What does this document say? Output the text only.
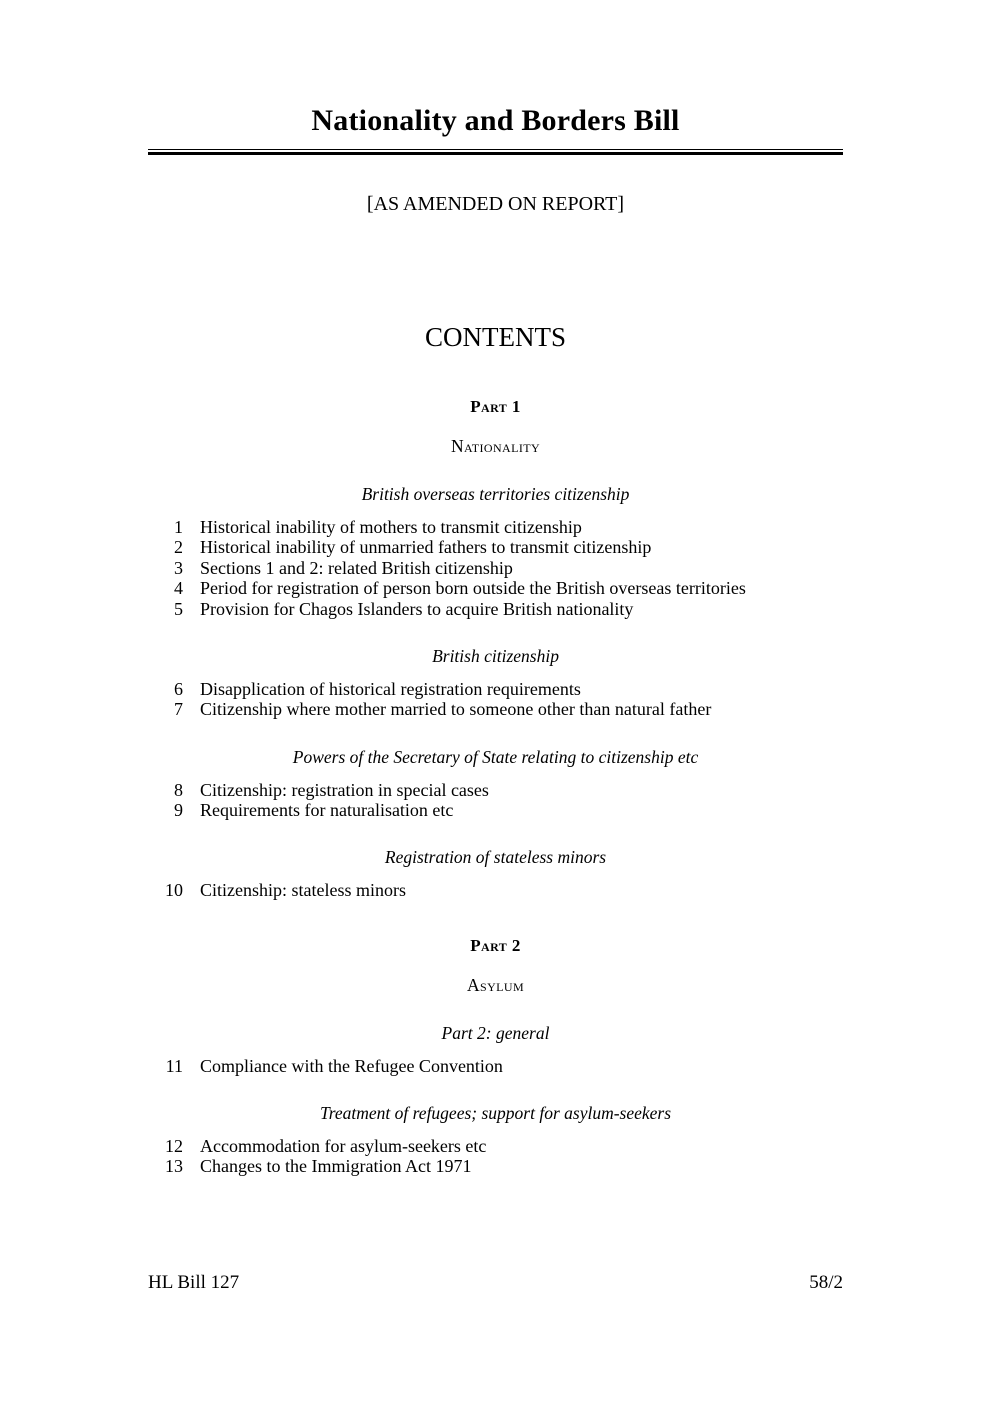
Nationality and Borders Bill
[AS AMENDED ON REPORT]
CONTENTS
Part 1
Nationality
British overseas territories citizenship
1 Historical inability of mothers to transmit citizenship
2 Historical inability of unmarried fathers to transmit citizenship
3 Sections 1 and 2: related British citizenship
4 Period for registration of person born outside the British overseas territories
5 Provision for Chagos Islanders to acquire British nationality
British citizenship
6 Disapplication of historical registration requirements
7 Citizenship where mother married to someone other than natural father
Powers of the Secretary of State relating to citizenship etc
8 Citizenship: registration in special cases
9 Requirements for naturalisation etc
Registration of stateless minors
10 Citizenship: stateless minors
Part 2
Asylum
Part 2: general
11 Compliance with the Refugee Convention
Treatment of refugees; support for asylum-seekers
12 Accommodation for asylum-seekers etc
13 Changes to the Immigration Act 1971
HL Bill 127	58/2
